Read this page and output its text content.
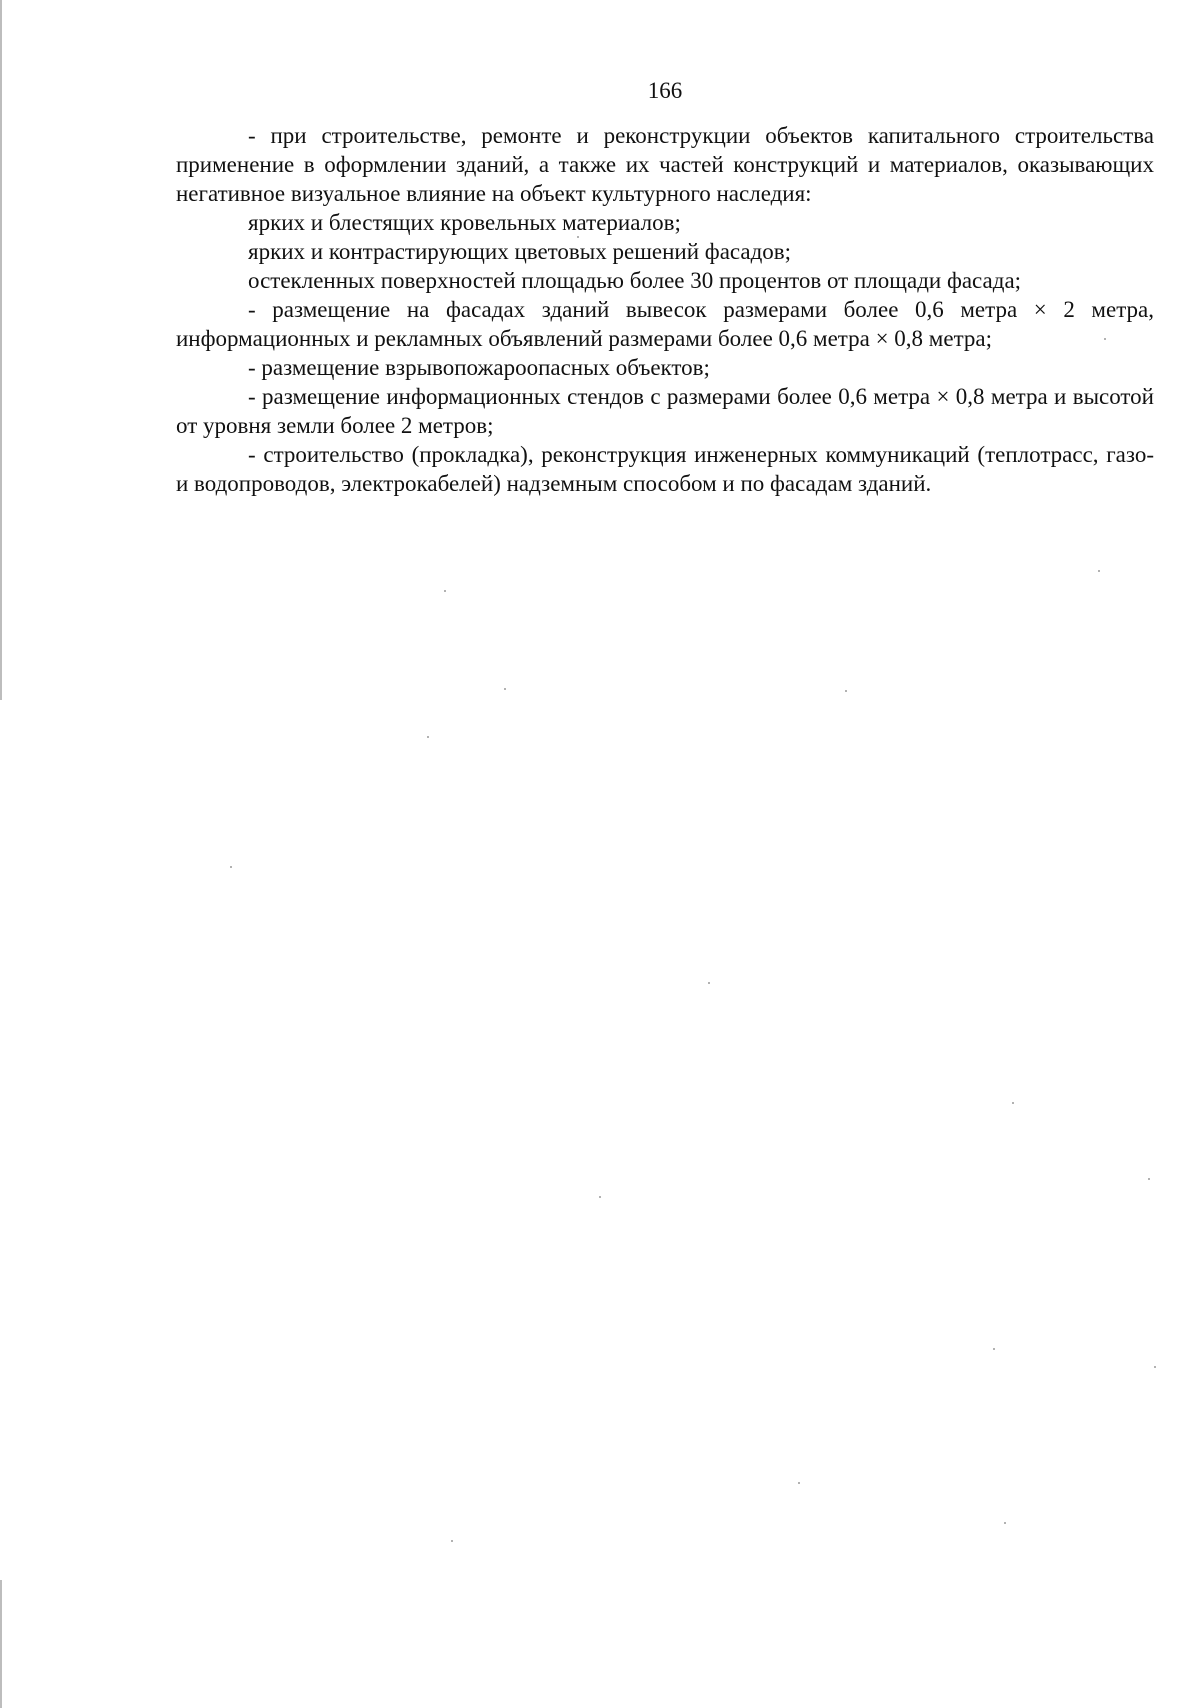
166

- при строительстве, ремонте и реконструкции объектов капитального строительства применение в оформлении зданий, а также их частей конструкций и материалов, оказывающих негативное визуальное влияние на объект культурного наследия:

ярких и блестящих кровельных материалов;

ярких и контрастирующих цветовых решений фасадов;

остекленных поверхностей площадью более 30 процентов от площади фасада;

- размещение на фасадах зданий вывесок размерами более 0,6 метра × 2 метра, информационных и рекламных объявлений размерами более 0,6 метра × 0,8 метра;

- размещение взрывопожароопасных объектов;

- размещение информационных стендов с размерами более 0,6 метра × 0,8 метра и высотой от уровня земли более 2 метров;

- строительство (прокладка), реконструкция инженерных коммуникаций (теплотрасс, газо- и водопроводов, электрокабелей) надземным способом и по фасадам зданий.
